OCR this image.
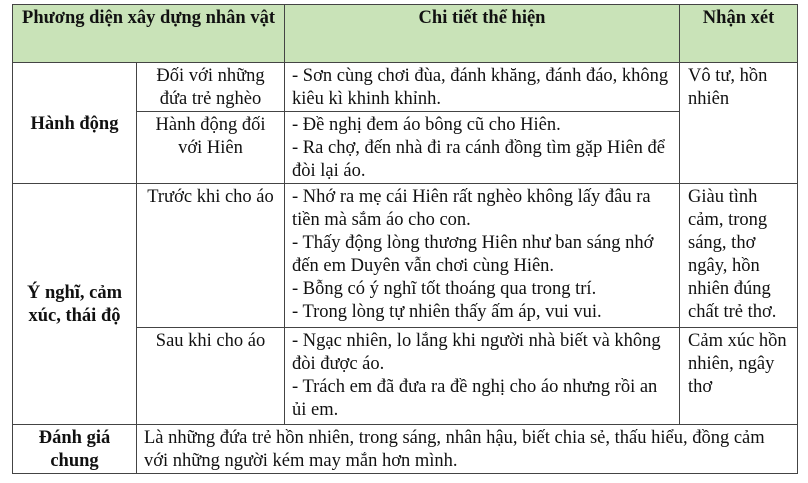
Phương diện xây dựng nhân vật		Chi tiết thể hiện	Nhận xét
Hành động	Đối với những đứa trẻ nghèo	- Sơn cùng chơi đùa, đánh khăng, đánh đáo, không kiêu kì khinh khỉnh.	Vô tư, hồn nhiên
	Hành động đối với Hiên	- Đề nghị đem áo bông cũ cho Hiên.
- Ra chợ, đến nhà đi ra cánh đồng tìm gặp Hiên để đòi lại áo.	

Ý nghĩ, cảm xúc, thái độ	Trước khi cho áo	- Nhớ ra mẹ cái Hiên rất nghèo không lấy đâu ra tiền mà sắm áo cho con.
- Thấy động lòng thương Hiên như ban sáng nhớ đến em Duyên vẫn chơi cùng Hiên.
- Bỗng có ý nghĩ tốt thoáng qua trong trí.
- Trong lòng tự nhiên thấy ấm áp, vui vui.	Giàu tình cảm, trong sáng, thơ ngây, hồn nhiên đúng chất trẻ thơ.
	Sau khi cho áo	- Ngạc nhiên, lo lắng khi người nhà biết và không đòi được áo.
- Trách em đã đưa ra đề nghị cho áo nhưng rồi an ủi em.	Cảm xúc hồn nhiên, ngây thơ
Đánh giá chung	Là những đứa trẻ hồn nhiên, trong sáng, nhân hậu, biết chia sẻ, thấu hiểu, đồng cảm với những người kém may mắn hơn mình.		
